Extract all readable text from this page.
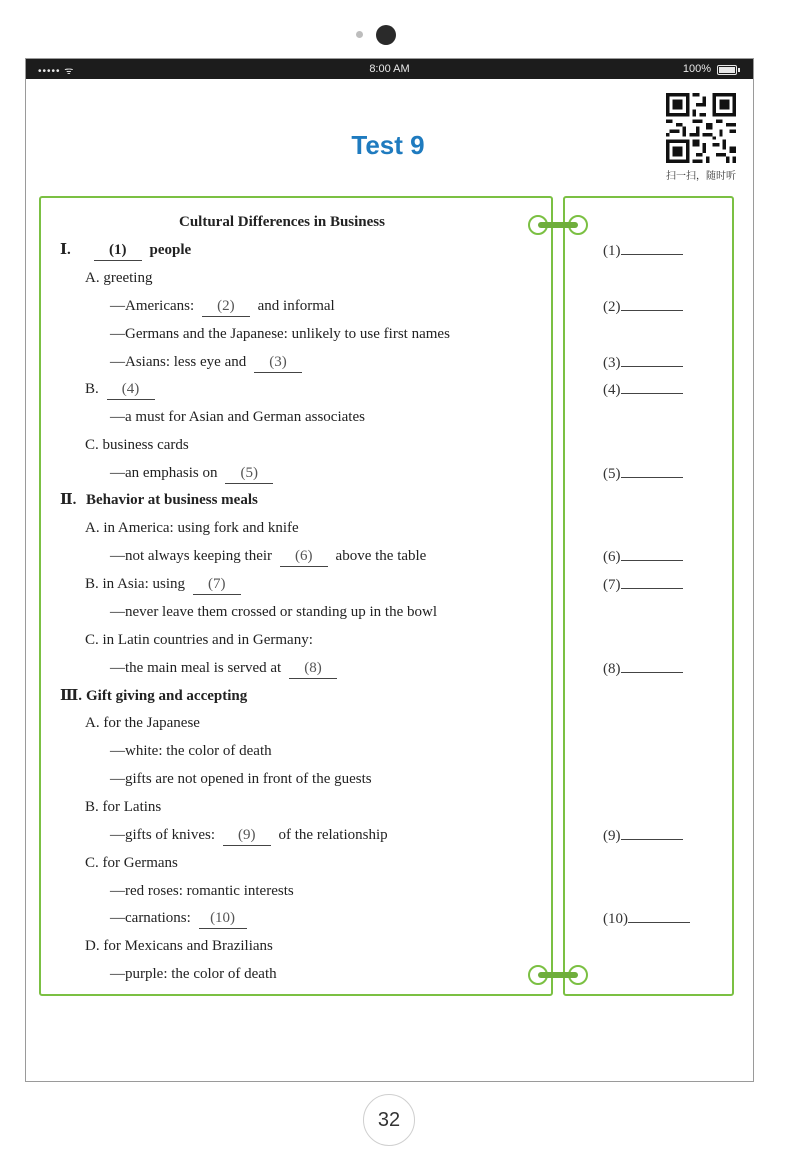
••••• ᯤ	8:00 AM	100%
Test 9
扫一扫，随时听
Cultural Differences in Business
Ⅰ.	(1) people
A. greeting
—Americans: (2) and informal
—Germans and the Japanese: unlikely to use first names
—Asians: less eye and (3)
B. (4)
—a must for Asian and German associates
C. business cards
—an emphasis on (5)
Ⅱ. Behavior at business meals
A. in America: using fork and knife
—not always keeping their (6) above the table
B. in Asia: using (7)
—never leave them crossed or standing up in the bowl
C. in Latin countries and in Germany:
—the main meal is served at (8)
Ⅲ. Gift giving and accepting
A. for the Japanese
—white: the color of death
—gifts are not opened in front of the guests
B. for Latins
—gifts of knives: (9) of the relationship
C. for Germans
—red roses: romantic interests
—carnations: (10)
D. for Mexicans and Brazilians
—purple: the color of death
(1)
(2)
(3)
(4)
(5)
(6)
(7)
(8)
(9)
(10)
32
